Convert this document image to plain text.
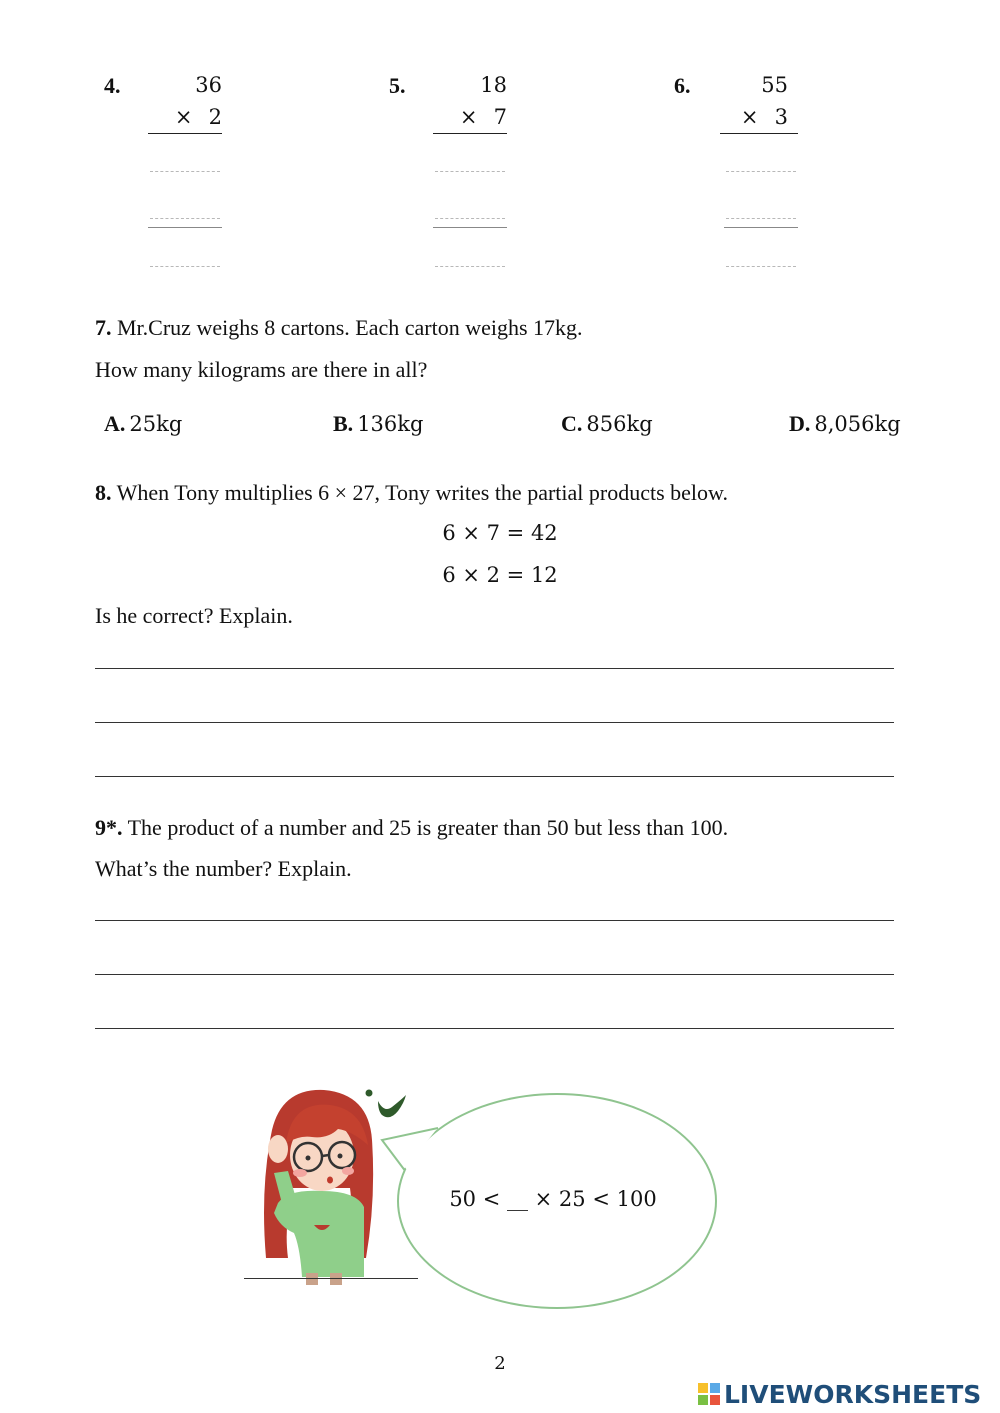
4.	36
× 2
5.	18
× 7
6.	55
× 3
7. Mr.Cruz weighs 8 cartons. Each carton weighs 17kg.
How many kilograms are there in all?
A. 25kg	B. 136kg	C. 856kg	D. 8,056kg
8. When Tony multiplies 6 × 27, Tony writes the partial products below.
6 × 7 = 42
6 × 2 = 12
Is he correct? Explain.
9*. The product of a number and 25 is greater than 50 but less than 100.
What’s the number? Explain.
50 < __ × 25 < 100
2
LIVEWORKSHEETS
